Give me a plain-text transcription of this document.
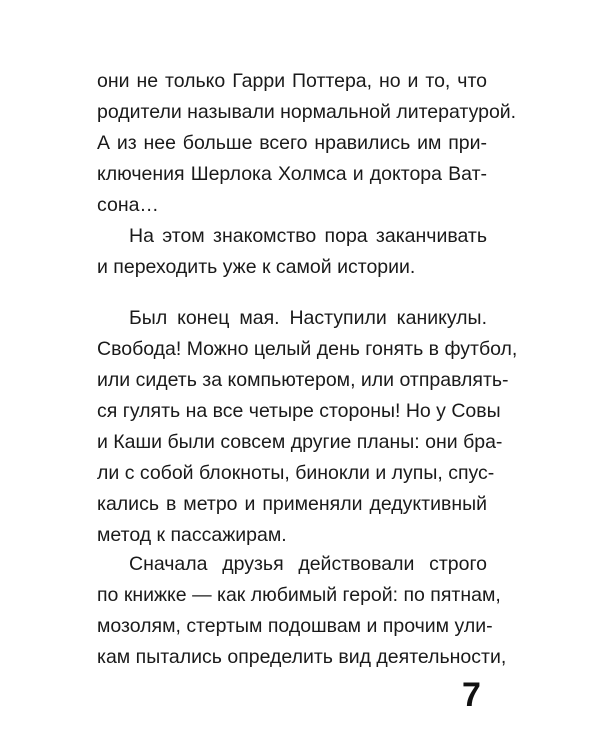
они не только Гарри Поттера, но и то, что
родители называли нормальной литературой.
А из нее больше всего нравились им при-
ключения Шерлока Холмса и доктора Ват-
сона…
На этом знакомство пора заканчивать
и переходить уже к самой истории.
Был конец мая. Наступили каникулы.
Свобода! Можно целый день гонять в футбол,
или сидеть за компьютером, или отправлять-
ся гулять на все четыре стороны! Но у Совы
и Каши были совсем другие планы: они бра-
ли с собой блокноты, бинокли и лупы, спус-
кались в метро и применяли дедуктивный
метод к пассажирам.
Сначала друзья действовали строго
по книжке — как любимый герой: по пятнам,
мозолям, стертым подошвам и прочим ули-
кам пытались определить вид деятельности,
7
